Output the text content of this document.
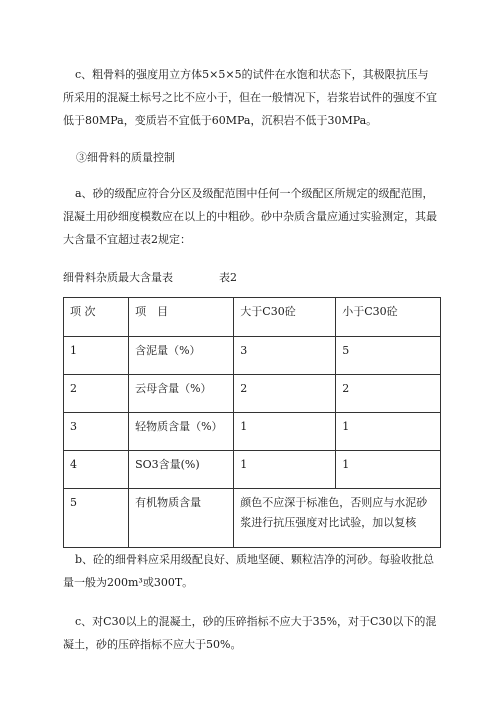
c、粗骨料的强度用立方体5×5×5的试件在水饱和状态下，其极限抗压与所采用的混凝土标号之比不应小于，但在一般情况下，岩浆岩试件的强度不宜低于80MPa，变质岩不宜低于60MPa，沉积岩不低于30MPa。

③细骨料的质量控制

a、砂的级配应符合分区及级配范围中任何一个级配区所规定的级配范围，混凝土用砂细度模数应在以上的中粗砂。砂中杂质含量应通过实验测定，其最大含量不宜超过表2规定：

细骨料杂质最大含量表	表2
项 次	项　目	大于C30砼	小于C30砼
1	含泥量（%）	3	5
2	云母含量（%）	2	2
3	轻物质含量（%）	1	1
4	SO3含量(%)	1	1
5	有机物质含量	颜色不应深于标准色，否则应与水泥砂浆进行抗压强度对比试验，加以复核	

b、砼的细骨料应采用级配良好、质地坚硬、颗粒洁净的河砂。每验收批总量一般为200m³或300T。

c、对C30以上的混凝土，砂的压碎指标不应大于35%，对于C30以下的混凝土，砂的压碎指标不应大于50%。
